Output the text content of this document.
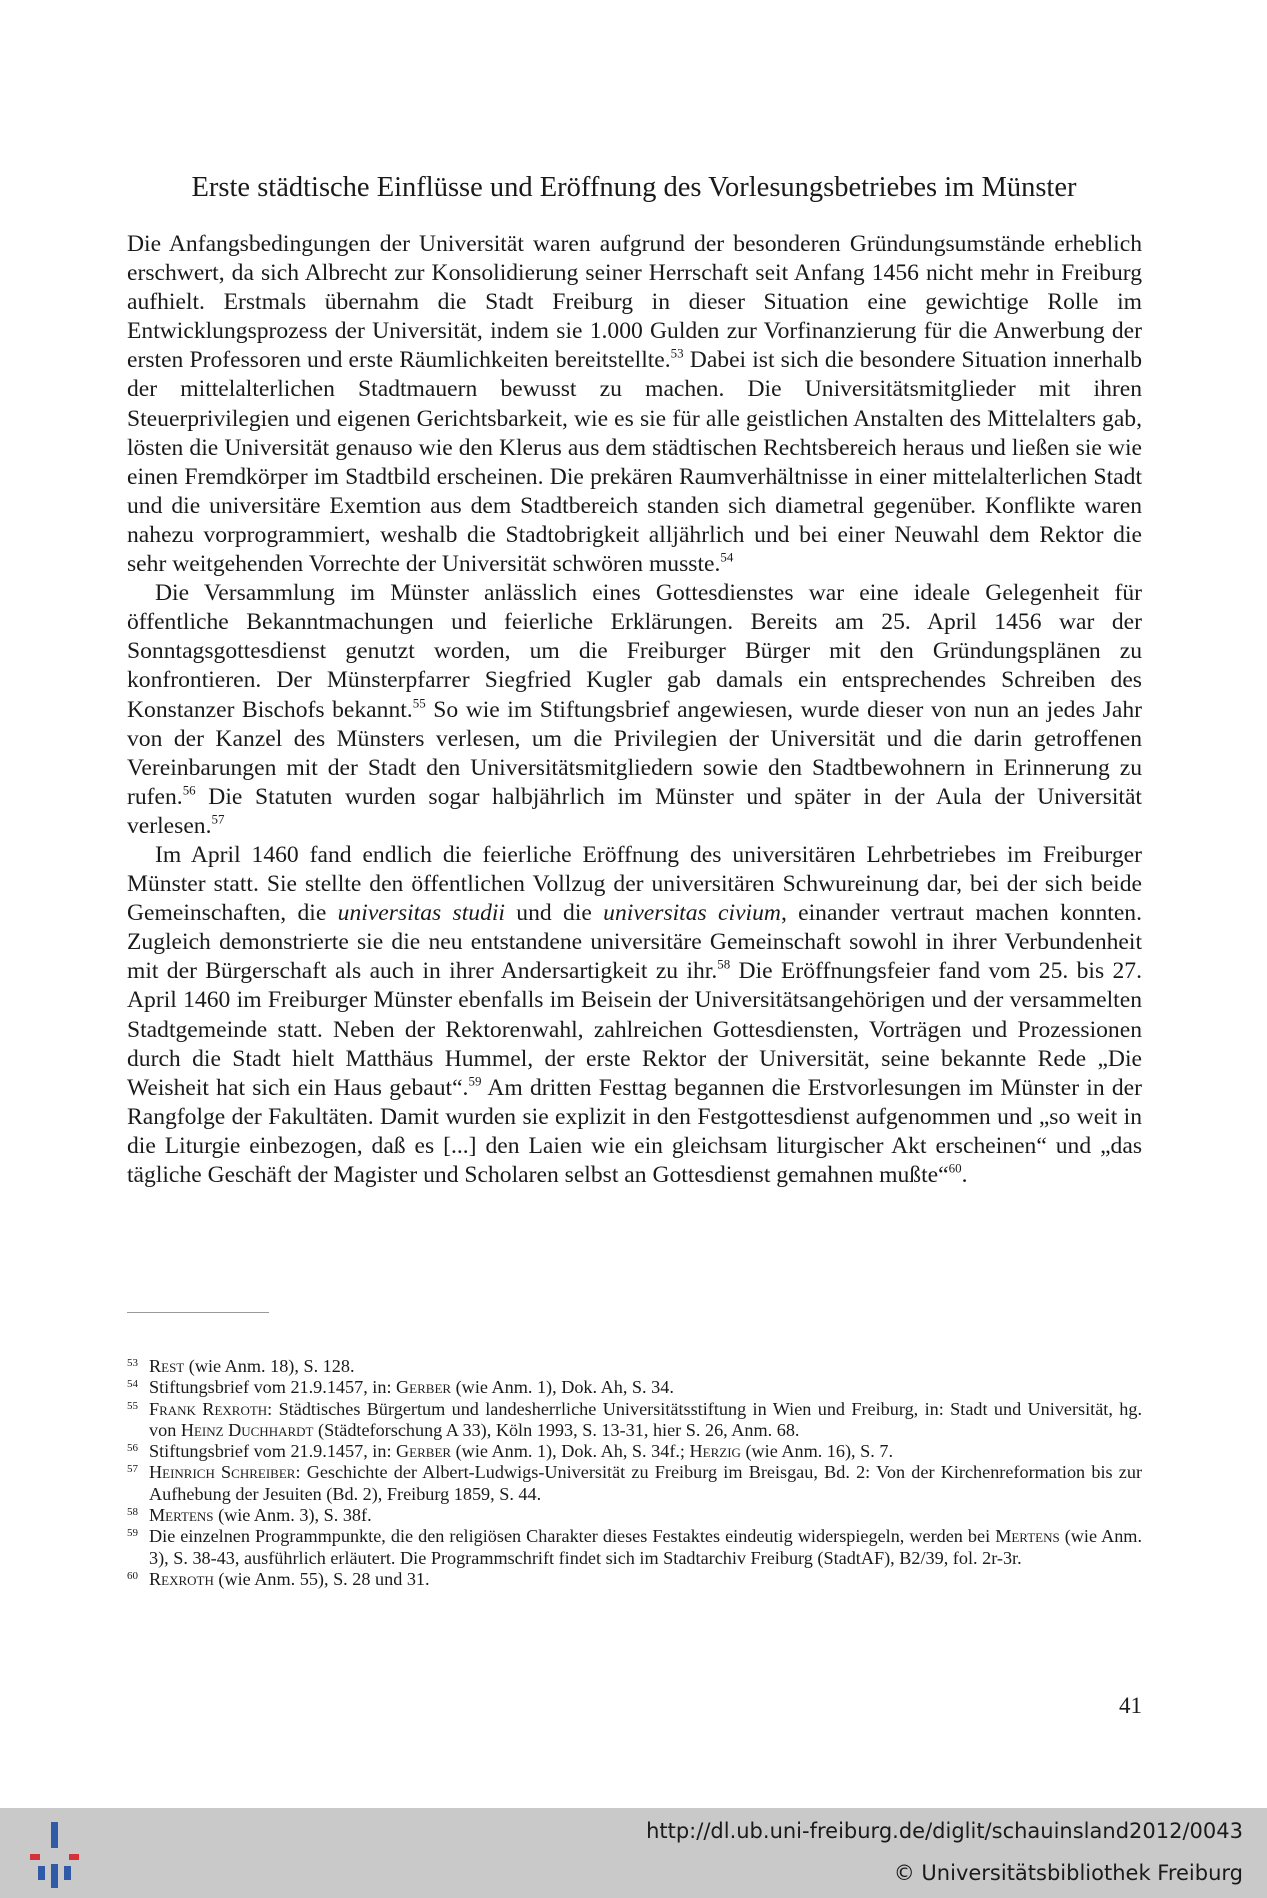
Erste städtische Einflüsse und Eröffnung des Vorlesungsbetriebes im Münster

Die Anfangsbedingungen der Universität waren aufgrund der besonderen Gründungsumstände erheblich erschwert, da sich Albrecht zur Konsolidierung seiner Herrschaft seit Anfang 1456 nicht mehr in Freiburg aufhielt. Erstmals übernahm die Stadt Freiburg in dieser Situation eine gewichtige Rolle im Entwicklungsprozess der Universität, indem sie 1.000 Gulden zur Vorfinanzierung für die Anwerbung der ersten Professoren und erste Räumlichkeiten bereitstellte.$^{53}$ Dabei ist sich die besondere Situation innerhalb der mittelalterlichen Stadtmauern bewusst zu machen. Die Universitätsmitglieder mit ihren Steuerprivilegien und eigenen Gerichtsbarkeit, wie es sie für alle geistlichen Anstalten des Mittelalters gab, lösten die Universität genauso wie den Klerus aus dem städtischen Rechtsbereich heraus und ließen sie wie einen Fremdkörper im Stadtbild erscheinen. Die prekären Raumverhältnisse in einer mittelalterlichen Stadt und die universitäre Exemtion aus dem Stadtbereich standen sich diametral gegenüber. Konflikte waren nahezu vorprogrammiert, weshalb die Stadtobrigkeit alljährlich und bei einer Neuwahl dem Rektor die sehr weitgehenden Vorrechte der Universität schwören musste.$^{54}$

Die Versammlung im Münster anlässlich eines Gottesdienstes war eine ideale Gelegenheit für öffentliche Bekanntmachungen und feierliche Erklärungen. Bereits am 25. April 1456 war der Sonntagsgottesdienst genutzt worden, um die Freiburger Bürger mit den Gründungsplänen zu konfrontieren. Der Münsterpfarrer Siegfried Kugler gab damals ein entsprechendes Schreiben des Konstanzer Bischofs bekannt.$^{55}$ So wie im Stiftungsbrief angewiesen, wurde dieser von nun an jedes Jahr von der Kanzel des Münsters verlesen, um die Privilegien der Universität und die darin getroffenen Vereinbarungen mit der Stadt den Universitätsmitgliedern sowie den Stadtbewohnern in Erinnerung zu rufen.$^{56}$ Die Statuten wurden sogar halbjährlich im Münster und später in der Aula der Universität verlesen.$^{57}$

Im April 1460 fand endlich die feierliche Eröffnung des universitären Lehrbetriebes im Freiburger Münster statt. Sie stellte den öffentlichen Vollzug der universitären Schwureinung dar, bei der sich beide Gemeinschaften, die universitas studii und die universitas civium, einander vertraut machen konnten. Zugleich demonstrierte sie die neu entstandene universitäre Gemeinschaft sowohl in ihrer Verbundenheit mit der Bürgerschaft als auch in ihrer Andersartigkeit zu ihr.$^{58}$ Die Eröffnungsfeier fand vom 25. bis 27. April 1460 im Freiburger Münster ebenfalls im Beisein der Universitätsangehörigen und der versammelten Stadtgemeinde statt. Neben der Rektorenwahl, zahlreichen Gottesdiensten, Vorträgen und Prozessionen durch die Stadt hielt Matthäus Hummel, der erste Rektor der Universität, seine bekannte Rede „Die Weisheit hat sich ein Haus gebaut“.$^{59}$ Am dritten Festtag begannen die Erstvorlesungen im Münster in der Rangfolge der Fakultäten. Damit wurden sie explizit in den Festgottesdienst aufgenommen und „so weit in die Liturgie einbezogen, daß es [...] den Laien wie ein gleichsam liturgischer Akt erscheinen“ und „das tägliche Geschäft der Magister und Scholaren selbst an Gottesdienst gemahnen mußte“$^{60}$.

53 Rest (wie Anm. 18), S. 128.
54 Stiftungsbrief vom 21.9.1457, in: Gerber (wie Anm. 1), Dok. Ah, S. 34.
55 Frank Rexroth: Städtisches Bürgertum und landesherrliche Universitätsstiftung in Wien und Freiburg, in: Stadt und Universität, hg. von Heinz Duchhardt (Städteforschung A 33), Köln 1993, S. 13-31, hier S. 26, Anm. 68.
56 Stiftungsbrief vom 21.9.1457, in: Gerber (wie Anm. 1), Dok. Ah, S. 34f.; Herzig (wie Anm. 16), S. 7.
57 Heinrich Schreiber: Geschichte der Albert-Ludwigs-Universität zu Freiburg im Breisgau, Bd. 2: Von der Kirchenreformation bis zur Aufhebung der Jesuiten (Bd. 2), Freiburg 1859, S. 44.
58 Mertens (wie Anm. 3), S. 38f.
59 Die einzelnen Programmpunkte, die den religiösen Charakter dieses Festaktes eindeutig widerspiegeln, werden bei Mertens (wie Anm. 3), S. 38-43, ausführlich erläutert. Die Programmschrift findet sich im Stadtarchiv Freiburg (StadtAF), B2/39, fol. 2r-3r.
60 Rexroth (wie Anm. 55), S. 28 und 31.
41
http://dl.ub.uni-freiburg.de/diglit/schauinsland2012/0043
© Universitätsbibliothek Freiburg
